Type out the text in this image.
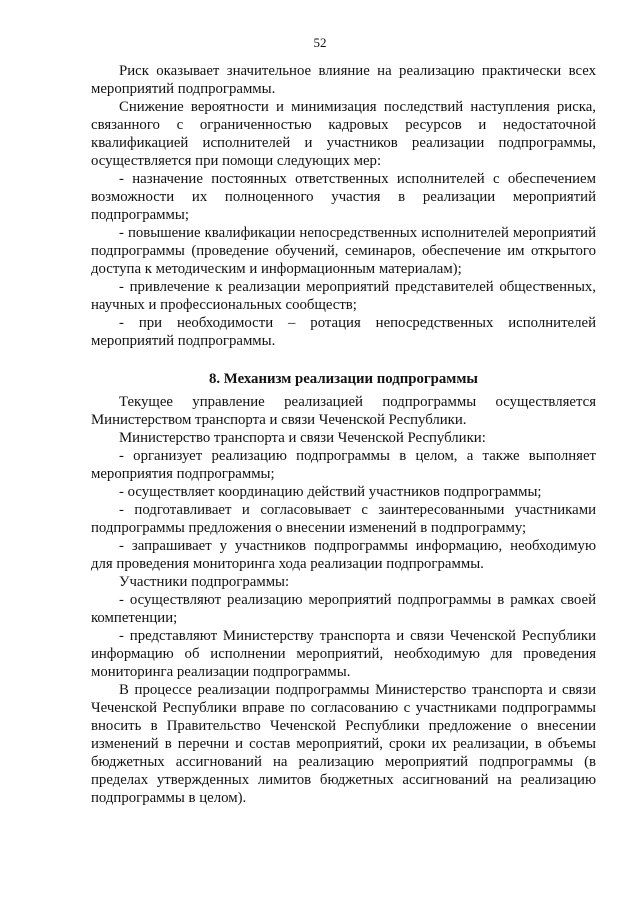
52

Риск оказывает значительное влияние на реализацию практически всех мероприятий подпрограммы.

Снижение вероятности и минимизация последствий наступления риска, связанного с ограниченностью кадровых ресурсов и недостаточной квалификацией исполнителей и участников реализации подпрограммы, осуществляется при помощи следующих мер:

- назначение постоянных ответственных исполнителей с обеспечением возможности их полноценного участия в реализации мероприятий подпрограммы;

- повышение квалификации непосредственных исполнителей мероприятий подпрограммы (проведение обучений, семинаров, обеспечение им открытого доступа к методическим и информационным материалам);

- привлечение к реализации мероприятий представителей общественных, научных и профессиональных сообществ;

- при необходимости – ротация непосредственных исполнителей мероприятий подпрограммы.

8. Механизм реализации подпрограммы

Текущее управление реализацией подпрограммы осуществляется Министерством транспорта и связи Чеченской Республики.

Министерство транспорта и связи Чеченской Республики:

- организует реализацию подпрограммы в целом, а также выполняет мероприятия подпрограммы;

- осуществляет координацию действий участников подпрограммы;

- подготавливает и согласовывает с заинтересованными участниками подпрограммы предложения о внесении изменений в подпрограмму;

- запрашивает у участников подпрограммы информацию, необходимую для проведения мониторинга хода реализации подпрограммы.

Участники подпрограммы:

- осуществляют реализацию мероприятий подпрограммы в рамках своей компетенции;

- представляют Министерству транспорта и связи Чеченской Республики информацию об исполнении мероприятий, необходимую для проведения мониторинга реализации подпрограммы.

В процессе реализации подпрограммы Министерство транспорта и связи Чеченской Республики вправе по согласованию с участниками подпрограммы вносить в Правительство Чеченской Республики предложение о внесении изменений в перечни и состав мероприятий, сроки их реализации, в объемы бюджетных ассигнований на реализацию мероприятий подпрограммы (в пределах утвержденных лимитов бюджетных ассигнований на реализацию подпрограммы в целом).
